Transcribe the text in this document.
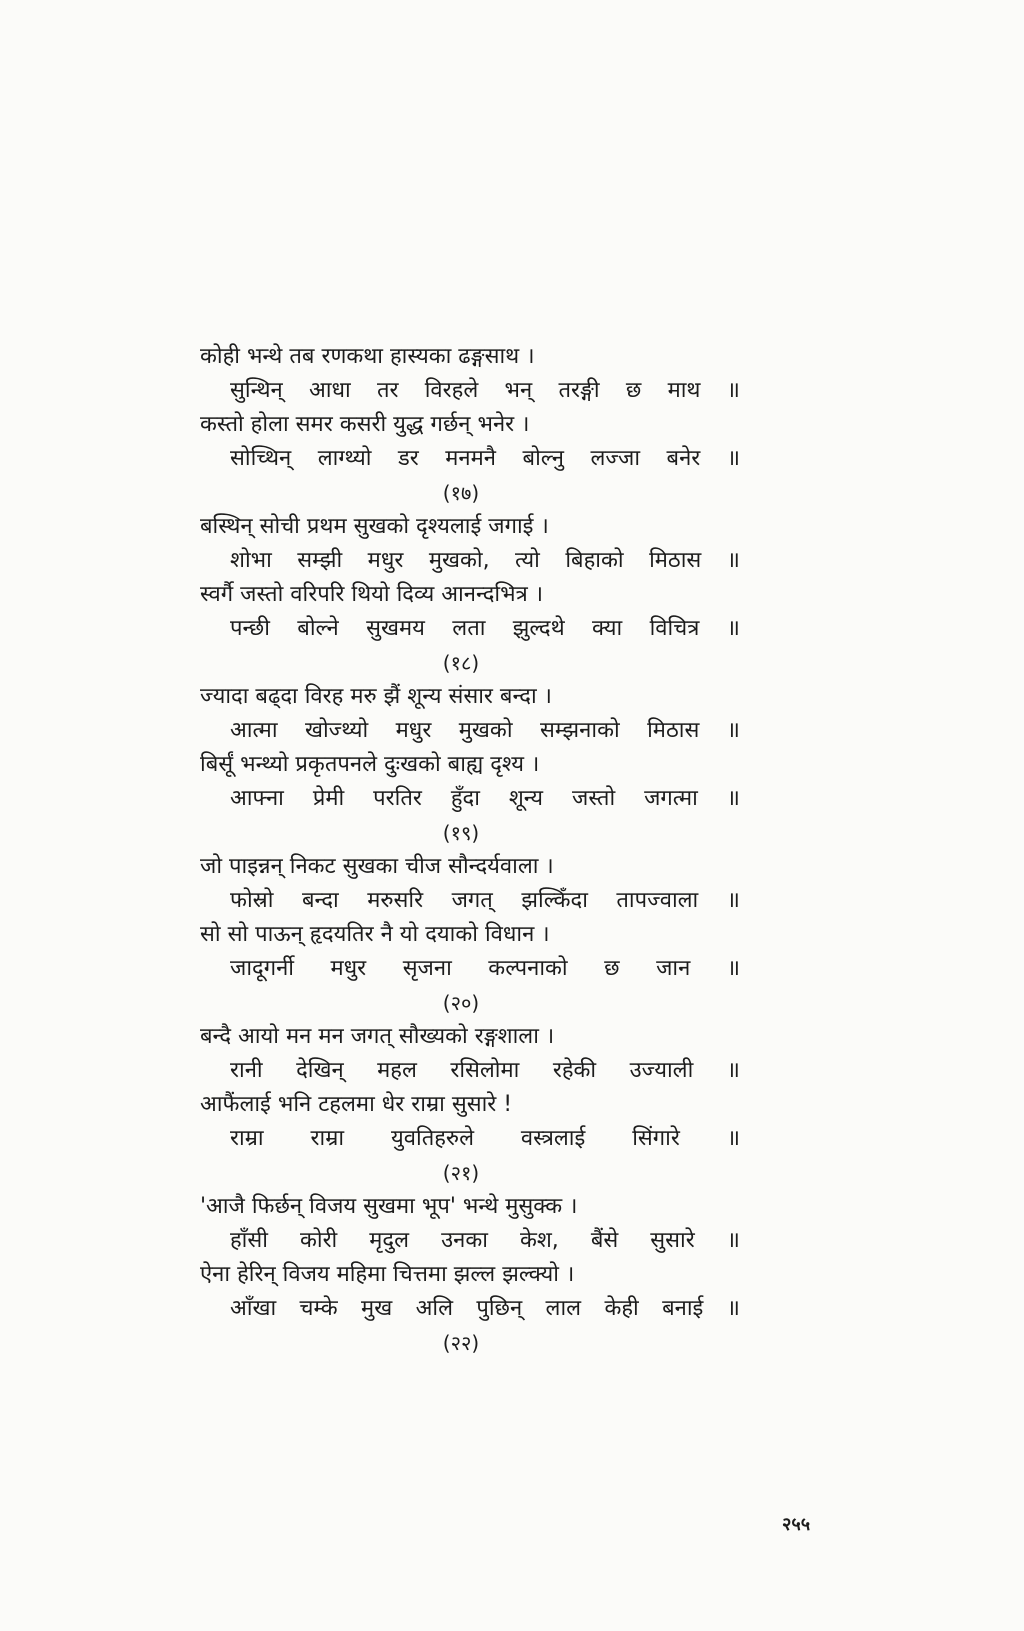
कोही भन्थे तब रणकथा हास्यका ढङ्गसाथ ।
सुन्थिन् आधा तर विरहले भन् तरङ्गी छ माथ ॥
कस्तो होला समर कसरी युद्ध गर्छन् भनेर ।
सोच्थिन् लाग्थ्यो डर मनमनै बोल्नु लज्जा बनेर ॥
(१७)
बस्थिन् सोची प्रथम सुखको दृश्यलाई जगाई ।
शोभा सम्झी मधुर मुखको, त्यो बिहाको मिठास ॥
स्वर्गै जस्तो वरिपरि थियो दिव्य आनन्दभित्र ।
पन्छी बोल्ने सुखमय लता झुल्दथे क्या विचित्र ॥
(१८)
ज्यादा बढ्दा विरह मरु झैं शून्य संसार बन्दा ।
आत्मा खोज्थ्यो मधुर मुखको सम्झनाको मिठास ॥
बिर्सूं भन्थ्यो प्रकृतपनले दुःखको बाह्य दृश्य ।
आफ्ना प्रेमी परतिर हुँदा शून्य जस्तो जगत्मा ॥
(१९)
जो पाइन्नन् निकट सुखका चीज सौन्दर्यवाला ।
फोस्रो बन्दा मरुसरि जगत् झल्किँदा तापज्वाला ॥
सो सो पाऊन् हृदयतिर नै यो दयाको विधान ।
जादूगर्नी मधुर सृजना कल्पनाको छ जान ॥
(२०)
बन्दै आयो मन मन जगत् सौख्यको रङ्गशाला ।
रानी देखिन् महल रसिलोमा रहेकी उज्याली ॥
आफैंलाई भनि टहलमा धेर राम्रा सुसारे !
राम्रा राम्रा युवतिहरुले वस्त्रलाई सिंगारे ॥
(२१)
'आजै फिर्छन् विजय सुखमा भूप' भन्थे मुसुक्क ।
हाँसी कोरी मृदुल उनका केश, बैंसे सुसारे ॥
ऐना हेरिन् विजय महिमा चित्तमा झल्ल झल्क्यो ।
आँखा चम्के मुख अलि पुछिन् लाल केही बनाई ॥
(२२)
२५५
